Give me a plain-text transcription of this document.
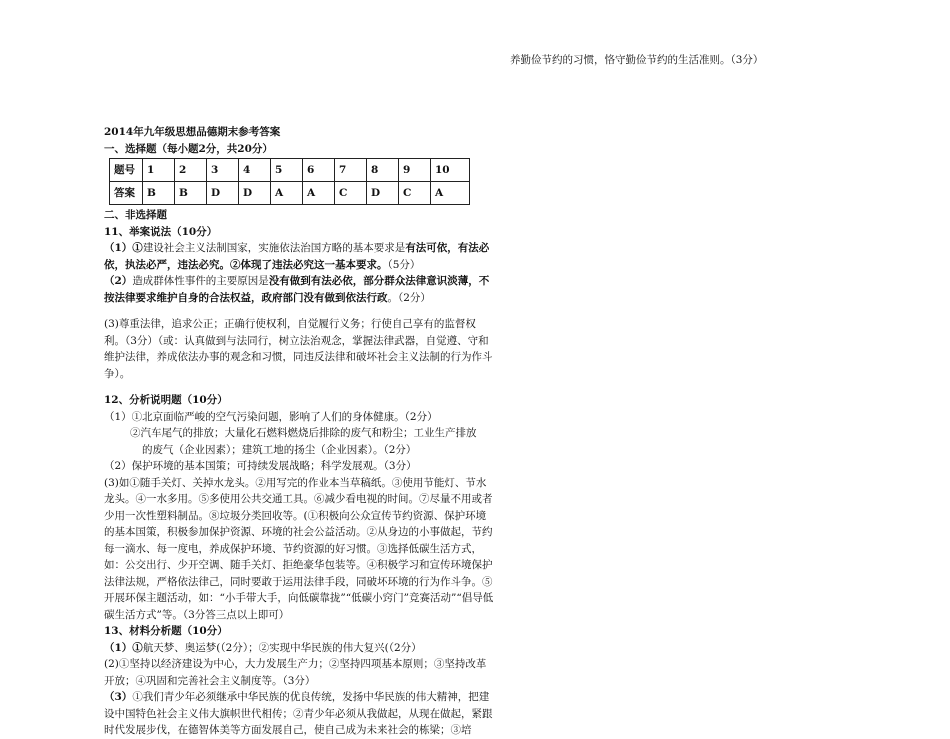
养勤俭节约的习惯，恪守勤俭节约的生活准则。（3分）

2014年九年级思想品德期末参考答案

一、选择题（每小题2分，共20分）

题号	1	2	3	4	5	6	7	8	9	10
答案	B	B	D	D	A	A	C	D	C	A

二、非选择题

11、举案说法（10分）

（1）①建设社会主义法制国家，实施依法治国方略的基本要求是有法可依，有法必依，执法必严，违法必究。②体现了违法必究这一基本要求。（5分）

（2）造成群体性事件的主要原因是没有做到有法必依，部分群众法律意识淡薄，不按法律要求维护自身的合法权益，政府部门没有做到依法行政。（2分）

(3)尊重法律，追求公正；正确行使权利，自觉履行义务；行使自己享有的监督权利。（3分）（或：认真做到与法同行，树立法治观念，掌握法律武器，自觉遵、守和维护法律，养成依法办事的观念和习惯，同违反法律和破坏社会主义法制的行为作斗争）。

12、分析说明题（10分）

（1）①北京面临严峻的空气污染问题，影响了人们的身体健康。（2分）

②汽车尾气的排放；大量化石燃料燃烧后排除的废气和粉尘；工业生产排放

的废气（企业因素）；建筑工地的扬尘（企业因素）。（2分）

（2）保护环境的基本国策；可持续发展战略；科学发展观。（3分）

(3)如①随手关灯、关掉水龙头。②用写完的作业本当草稿纸。③使用节能灯、节水龙头。④一水多用。⑤多使用公共交通工具。⑥减少看电视的时间。⑦尽量不用或者少用一次性塑料制品。⑧垃圾分类回收等。(①积极向公众宣传节约资源、保护环境的基本国策，积极参加保护资源、环境的社会公益活动。②从身边的小事做起，节约每一滴水、每一度电，养成保护环境、节约资源的好习惯。③选择低碳生活方式，如：公交出行、少开空调、随手关灯、拒绝豪华包装等。④积极学习和宣传环境保护法律法规，严格依法律己，同时要敢于运用法律手段，同破坏环境的行为作斗争。⑤开展环保主题活动，如：“小手带大手，向低碳靠拢”“低碳小窍门”竞赛活动”“倡导低碳生活方式”等。（3分答三点以上即可）

13、材料分析题（10分）

（1）①航天梦、奥运梦(（2分）；②实现中华民族的伟大复兴(（2分）

(2)①坚持以经济建设为中心，大力发展生产力；②坚持四项基本原则；③坚持改革开放；④巩固和完善社会主义制度等。（3分）

（3）①我们青少年必须继承中华民族的优良传统，发扬中华民族的伟大精神，把建设中国特色社会主义伟大旗帜世代相传；②青少年必须从我做起，从现在做起，紧跟时代发展步伐，在德智体美等方面发展自己，使自己成为未来社会的栋梁；③培
